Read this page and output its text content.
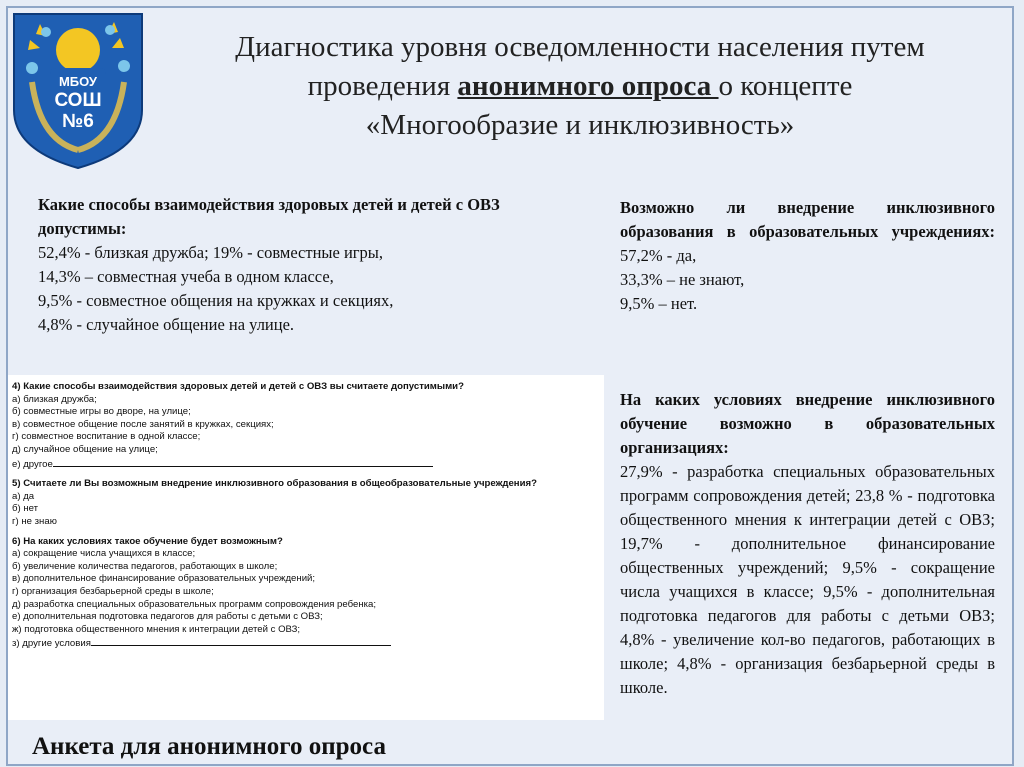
МБОУ
СОШ
№6
Диагностика уровня осведомленности населения путем
проведения анонимного опроса о концепте
«Многообразие и инклюзивность»
Какие способы взаимодействия здоровых детей и детей с ОВЗ допустимы:
52,4% - близкая дружба; 19% - совместные игры,
14,3% – совместная учеба в одном классе,
9,5% - совместное общения на кружках и секциях,
4,8% - случайное общение на улице.
Возможно ли внедрение инклюзивного образования в образовательных учреждениях:
57,2% - да,
33,3% – не знают,
9,5% – нет.
На каких условиях внедрение инклюзивного обучение возможно в образовательных организациях:
27,9% - разработка специальных образовательных программ сопровождения детей; 23,8 % - подготовка общественного мнения к интеграции детей с ОВЗ; 19,7% - дополнительное финансирование общественных учреждений; 9,5% - сокращение числа учащихся в классе; 9,5% - дополнительная подготовка педагогов для работы с детьми ОВЗ; 4,8% - увеличение кол-во педагогов, работающих в школе; 4,8% - организация безбарьерной среды в школе.
4) Какие способы взаимодействия здоровых детей и детей с ОВЗ вы считаете допустимыми?
а) близкая дружба;
б) совместные игры во дворе, на улице;
в) совместное общение после занятий в кружках, секциях;
г) совместное воспитание в одной классе;
д) случайное общение на улице;
е) другое
5) Считаете ли Вы возможным внедрение инклюзивного образования в общеобразовательные учреждения?
а) да
б) нет
г) не знаю
6) На каких условиях такое обучение будет возможным?
а) сокращение числа учащихся в классе;
б) увеличение количества педагогов, работающих в школе;
в) дополнительное финансирование образовательных учреждений;
г) организация безбарьерной среды в школе;
д) разработка специальных образовательных программ сопровождения ребенка;
е) дополнительная подготовка педагогов для работы с детьми с ОВЗ;
ж) подготовка общественного мнения к интеграции детей с ОВЗ;
з) другие условия
Анкета для анонимного опроса
